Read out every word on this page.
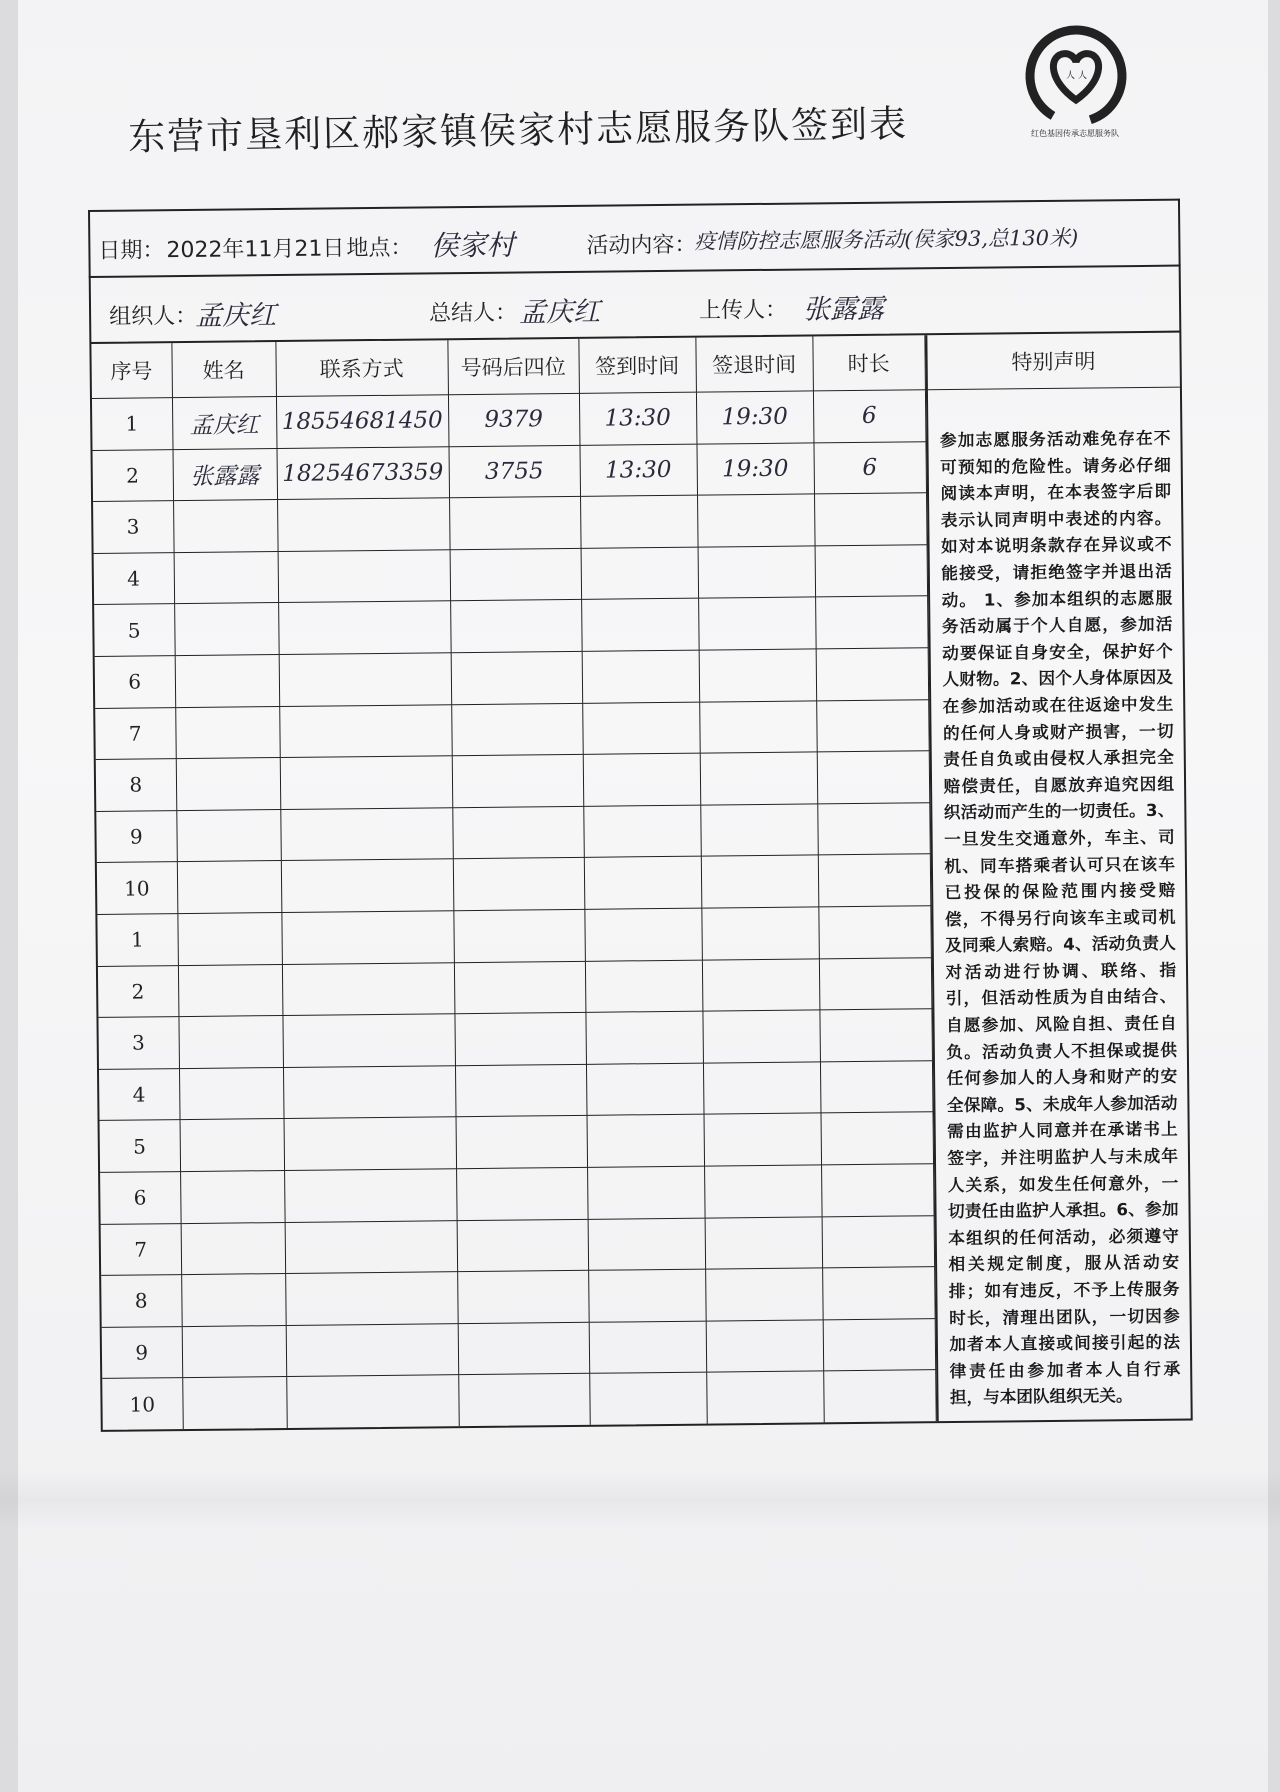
东营市垦利区郝家镇侯家村志愿服务队签到表
人 人
红色基因传承志愿服务队
日期： 2022年11月21日 地点： 侯家村	活动内容：
疫情防控志愿服务活动(侯家93,总130米)
组织人：
孟庆红	总结人： 孟庆红	上传人： 张露露
序号	姓名	联系方式	号码后四位	签到时间	签退时间	时长
1	孟庆红	18554681450	9379	13:30	19:30	6
2	张露露	18254673359	3755	13:30	19:30	6
3						
4						
5						
6						
7						
8						
9						
10						
1						
2						
3						
4						
5						
6						
7						
8						
9						
10						
特别声明
参加志愿服务活动难免存在不可预知的危险性。请务必仔细阅读本声明，在本表签字后即表示认同声明中表述的内容。如对本说明条款存在异议或不能接受，请拒绝签字并退出活动。 1、参加本组织的志愿服务活动属于个人自愿，参加活动要保证自身安全，保护好个人财物。2、因个人身体原因及在参加活动或在往返途中发生的任何人身或财产损害，一切责任自负或由侵权人承担完全赔偿责任，自愿放弃追究因组织活动而产生的一切责任。3、一旦发生交通意外，车主、司机、同车搭乘者认可只在该车已投保的保险范围内接受赔偿，不得另行向该车主或司机及同乘人索赔。4、活动负责人对活动进行协调、联络、指引，但活动性质为自由结合、自愿参加、风险自担、责任自负。活动负责人不担保或提供任何参加人的人身和财产的安全保障。5、未成年人参加活动需由监护人同意并在承诺书上签字，并注明监护人与未成年人关系，如发生任何意外，一切责任由监护人承担。6、参加本组织的任何活动，必须遵守相关规定制度，服从活动安排；如有违反，不予上传服务时长，清理出团队，一切因参加者本人直接或间接引起的法律责任由参加者本人自行承担，与本团队组织无关。
